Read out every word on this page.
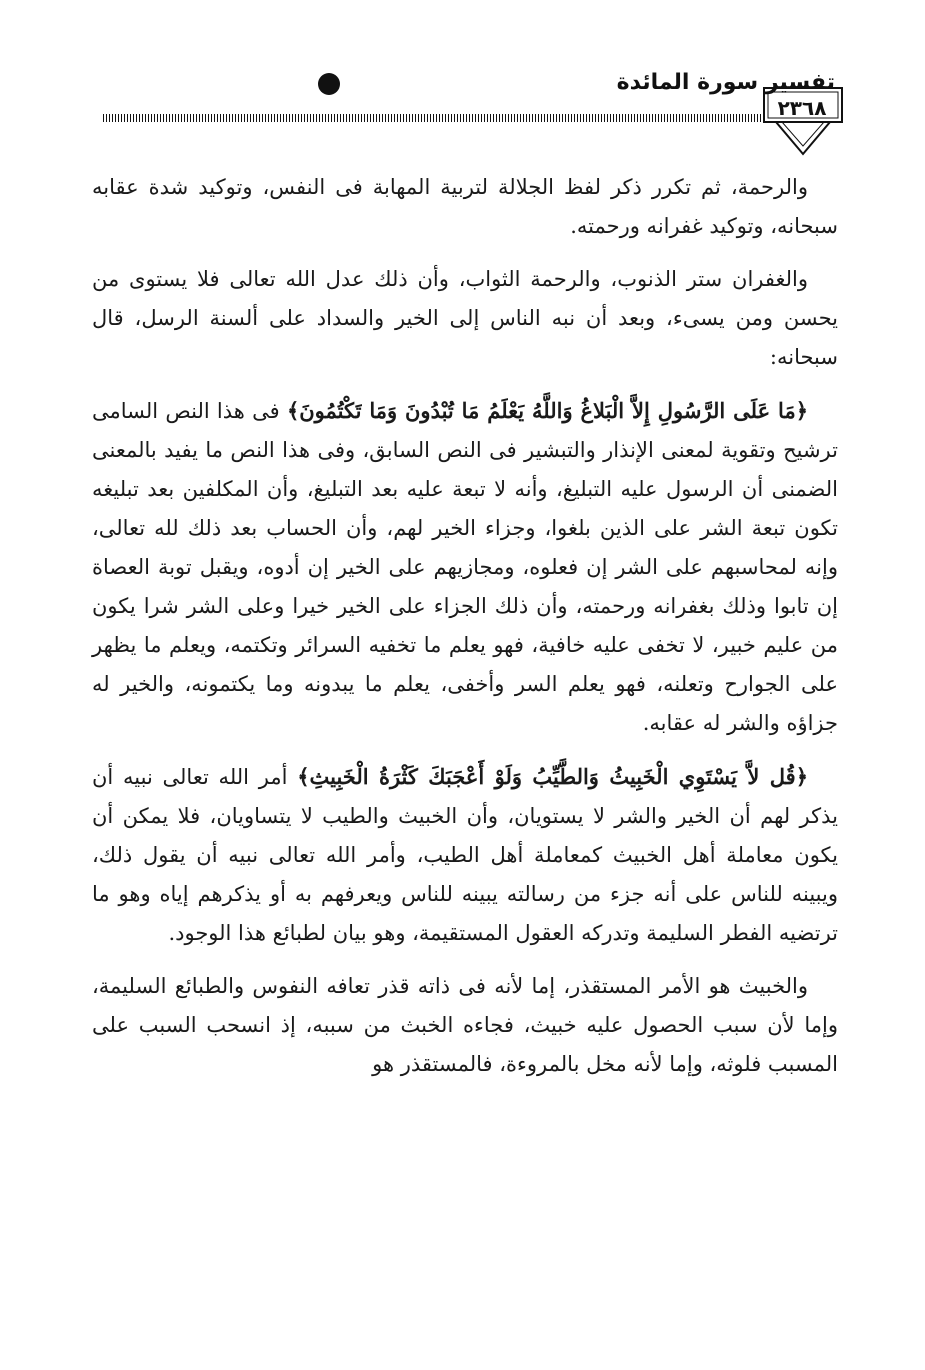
تفسير سورة المائدة
٢٣٦٨

والرحمة، ثم تكرر ذكر لفظ الجلالة لتربية المهابة فى النفس، وتوكيد شدة عقابه سبحانه، وتوكيد غفرانه ورحمته.

والغفران ستر الذنوب، والرحمة الثواب، وأن ذلك عدل الله تعالى فلا يستوى من يحسن ومن يسىء، وبعد أن نبه الناس إلى الخير والسداد على ألسنة الرسل، قال سبحانه:

﴿مَا عَلَى الرَّسُولِ إِلاَّ الْبَلاغُ وَاللَّهُ يَعْلَمُ مَا تُبْدُونَ وَمَا تَكْتُمُونَ﴾ فى هذا النص السامى ترشيح وتقوية لمعنى الإنذار والتبشير فى النص السابق، وفى هذا النص ما يفيد بالمعنى الضمنى أن الرسول عليه التبليغ، وأنه لا تبعة عليه بعد التبليغ، وأن المكلفين بعد تبليغه تكون تبعة الشر على الذين بلغوا، وجزاء الخير لهم، وأن الحساب بعد ذلك لله تعالى، وإنه لمحاسبهم على الشر إن فعلوه، ومجازيهم على الخير إن أدوه، ويقبل توبة العصاة إن تابوا وذلك بغفرانه ورحمته، وأن ذلك الجزاء على الخير خيرا وعلى الشر شرا يكون من عليم خبير، لا تخفى عليه خافية، فهو يعلم ما تخفيه السرائر وتكتمه، ويعلم ما يظهر على الجوارح وتعلنه، فهو يعلم السر وأخفى، يعلم ما يبدونه وما يكتمونه، والخير له جزاؤه والشر له عقابه.

﴿قُل لاَّ يَسْتَوِي الْخَبِيثُ وَالطَّيِّبُ وَلَوْ أَعْجَبَكَ كَثْرَةُ الْخَبِيثِ﴾ أمر الله تعالى نبيه أن يذكر لهم أن الخير والشر لا يستويان، وأن الخبيث والطيب لا يتساويان، فلا يمكن أن يكون معاملة أهل الخبيث كمعاملة أهل الطيب، وأمر الله تعالى نبيه أن يقول ذلك، ويبينه للناس على أنه جزء من رسالته يبينه للناس ويعرفهم به أو يذكرهم إياه وهو ما ترتضيه الفطر السليمة وتدركه العقول المستقيمة، وهو بيان لطبائع هذا الوجود.

والخبيث هو الأمر المستقذر، إما لأنه فى ذاته قذر تعافه النفوس والطبائع السليمة، وإما لأن سبب الحصول عليه خبيث، فجاءه الخبث من سببه، إذ انسحب السبب على المسبب فلوثه، وإما لأنه مخل بالمروءة، فالمستقذر هو
